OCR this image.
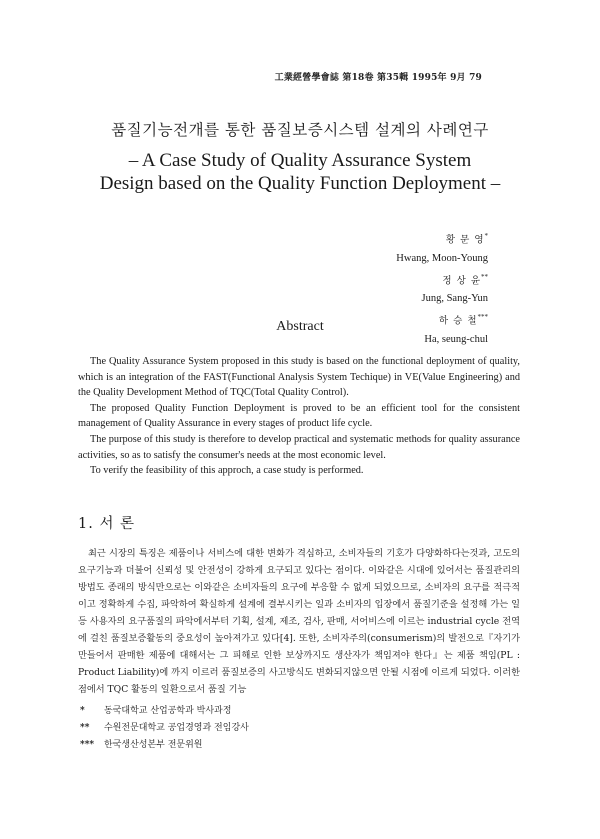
工業經營學會誌 第18卷 第35輯 1995年 9月 79

품질기능전개를 통한 품질보증시스템 설계의 사례연구

– A Case Study of Quality Assurance System

Design based on the Quality Function Deployment –

황 문 영*
Hwang, Moon-Young
정 상 윤**
Jung, Sang-Yun
하 승 철***
Ha, seung-chul
Abstract

The Quality Assurance System proposed in this study is based on the functional deployment of quality, which is an integration of the FAST(Functional Analysis System Techique) in VE(Value Engineering) and the Quality Development Method of TQC(Total Quality Control).

The proposed Quality Function Deployment is proved to be an efficient tool for the consistent management of Quality Assurance in every stages of product life cycle.

The purpose of this study is therefore to develop practical and systematic methods for quality assurance activities, so as to satisfy the consumer's needs at the most economic level.

To verify the feasibility of this approch, a case study is performed.

1. 서 론

최근 시장의 특징은 제품이나 서비스에 대한 변화가 격심하고, 소비자들의 기호가 다양화하다는것과, 고도의 요구기능과 더불어 신뢰성 및 안전성이 강하게 요구되고 있다는 점이다. 이와같은 시대에 있어서는 품질관리의 방법도 종래의 방식만으로는 이와같은 소비자들의 요구에 부응할 수 없게 되었으므로, 소비자의 요구를 적극적이고 정확하게 수집, 파악하여 확실하게 설계에 결부시키는 일과 소비자의 입장에서 품질기준을 설정해 가는 일 등 사용자의 요구품질의 파악에서부터 기획, 설계, 제조, 검사, 판매, 서어비스에 이르는 industrial cycle 전역에 걸친 품질보증활동의 중요성이 높아져가고 있다[4]. 또한, 소비자주의(consumerism)의 발전으로『자기가 만들어서 판매한 제품에 대해서는 그 피해로 인한 보상까지도 생산자가 책임져야 한다』는 제품 책임(PL : Product Liability)에 까지 이르러 품질보증의 사고방식도 변화되지않으면 안될 시점에 이르게 되었다. 이러한 점에서 TQC 활동의 일환으로서 품질 기능

*	동국대학교 산업공학과 박사과정
**	수원전문대학교 공업경영과 전임강사
***	한국생산성본부 전문위원
